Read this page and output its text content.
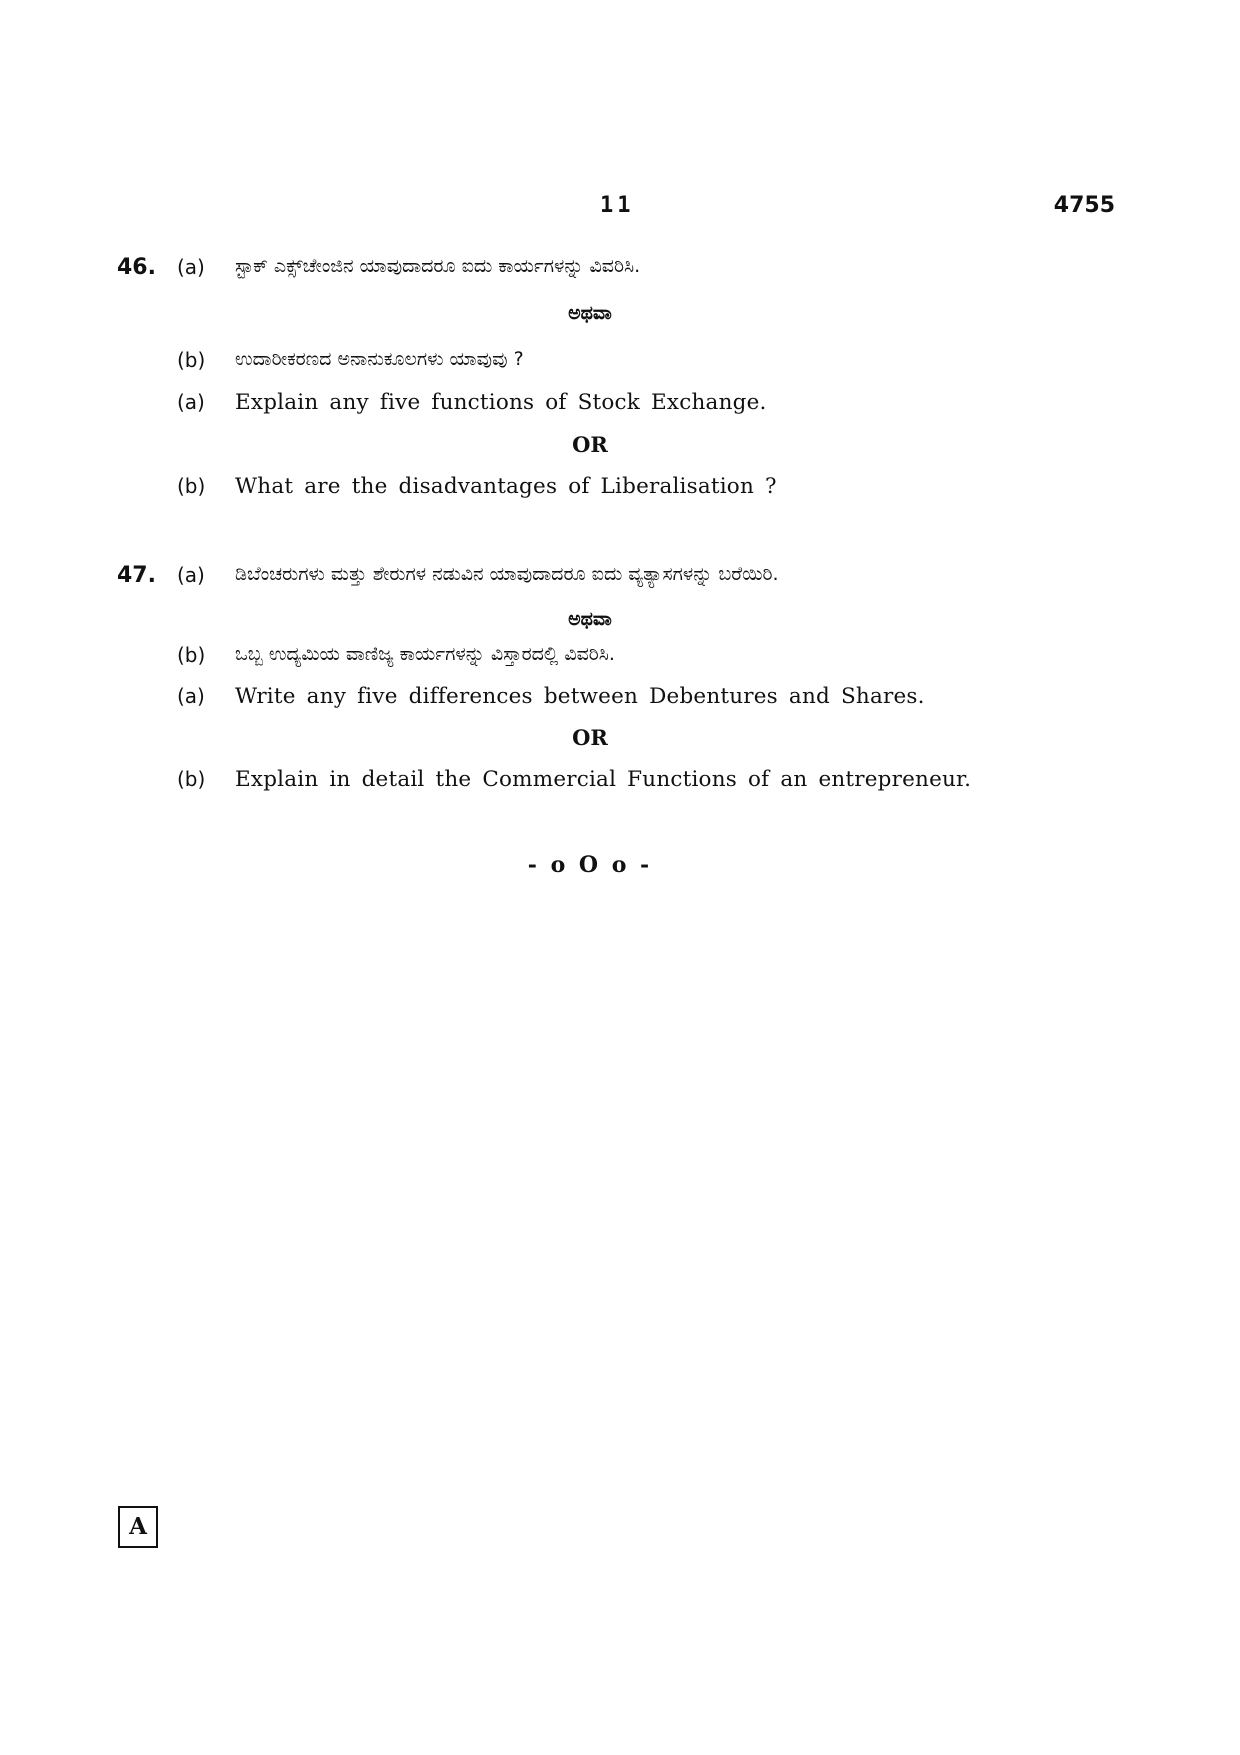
11	4755
46. (a) ಸ್ಟಾಕ್ ಎಕ್ಸ್‌ಚೇಂಜಿನ ಯಾವುದಾದರೂ ಐದು ಕಾರ್ಯಗಳನ್ನು ವಿವರಿಸಿ.
ಅಥವಾ
(b) ಉದಾರೀಕರಣದ ಅನಾನುಕೂಲಗಳು ಯಾವುವು ?
(a) Explain any five functions of Stock Exchange.
OR
(b) What are the disadvantages of Liberalisation ?
47. (a) ಡಿಬೆಂಚರುಗಳು ಮತ್ತು ಶೇರುಗಳ ನಡುವಿನ ಯಾವುದಾದರೂ ಐದು ವ್ಯತ್ಯಾಸಗಳನ್ನು ಬರೆಯಿರಿ.
ಅಥವಾ
(b) ಒಬ್ಬ ಉದ್ಯಮಿಯ ವಾಣಿಜ್ಯ ಕಾರ್ಯಗಳನ್ನು ವಿಸ್ತಾರದಲ್ಲಿ ವಿವರಿಸಿ.
(a) Write any five differences between Debentures and Shares.
OR
(b) Explain in detail the Commercial Functions of an entrepreneur.
- o O o -
A
